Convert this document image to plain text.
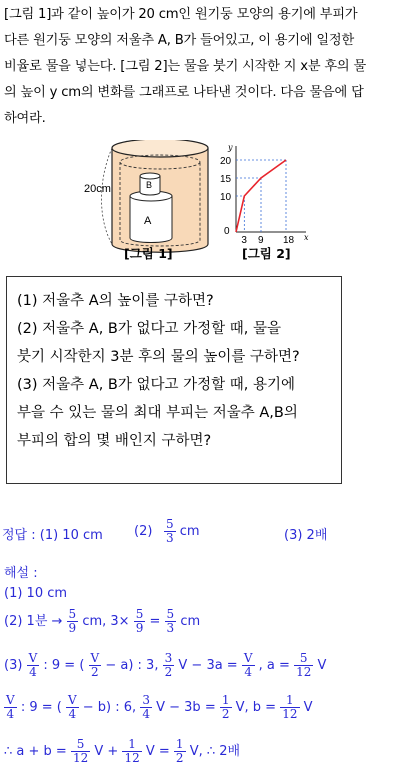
[그림 1]과 같이 높이가 20 cm인 원기둥 모양의 용기에 부피가
다른 원기둥 모양의 저울추 A, B가 들어있고, 이 용기에 일정한
비율로 물을 넣는다. [그림 2]는 물을 붓기 시작한 지 x분 후의 물
의 높이 y cm의 변화를 그래프로 나타낸 것이다. 다음 물음에 답
하여라.
20cm
A
B
10
15
20
3 9 18
y
x
0
[그림 1]	[그림 2]
(1) 저울추 A의 높이를 구하면?
(2) 저울추 A, B가 없다고 가정할 때, 물을
붓기 시작한지 3분 후의 물의 높이를 구하면?
(3) 저울추 A, B가 없다고 가정할 때, 용기에
부을 수 있는 물의 최대 부피는 저울추 A,B의
부피의 합의 몇 배인지 구하면?
정답 : (1) 10 cm $(2) \frac{5}{3}$ cm	(3) 2배
해설 :
(1) 10 cm
(2) 1분 → $\frac{5}{9}$ cm, $3\times \frac{5}{9} = \frac{5}{3}$ cm
$(3) \frac{V}{4}$ : 9 = ( $\frac{V}{2} - a$) : 3, $\frac{3}{2}$ $V - 3a = \frac{V}{4}$ , $a = \frac{5}{12}$ V
$\frac{V}{4}$ : 9 = ( $\frac{V}{4} - b$) : 6, $\frac{3}{4}$ $V - 3b = \frac{1}{2} V$, $b = \frac{1}{12}$ V
∴ $a + b = \frac{5}{12}$ $V + \frac{1}{12}$ $V = \frac{1}{2} V$, ∴ 2배
